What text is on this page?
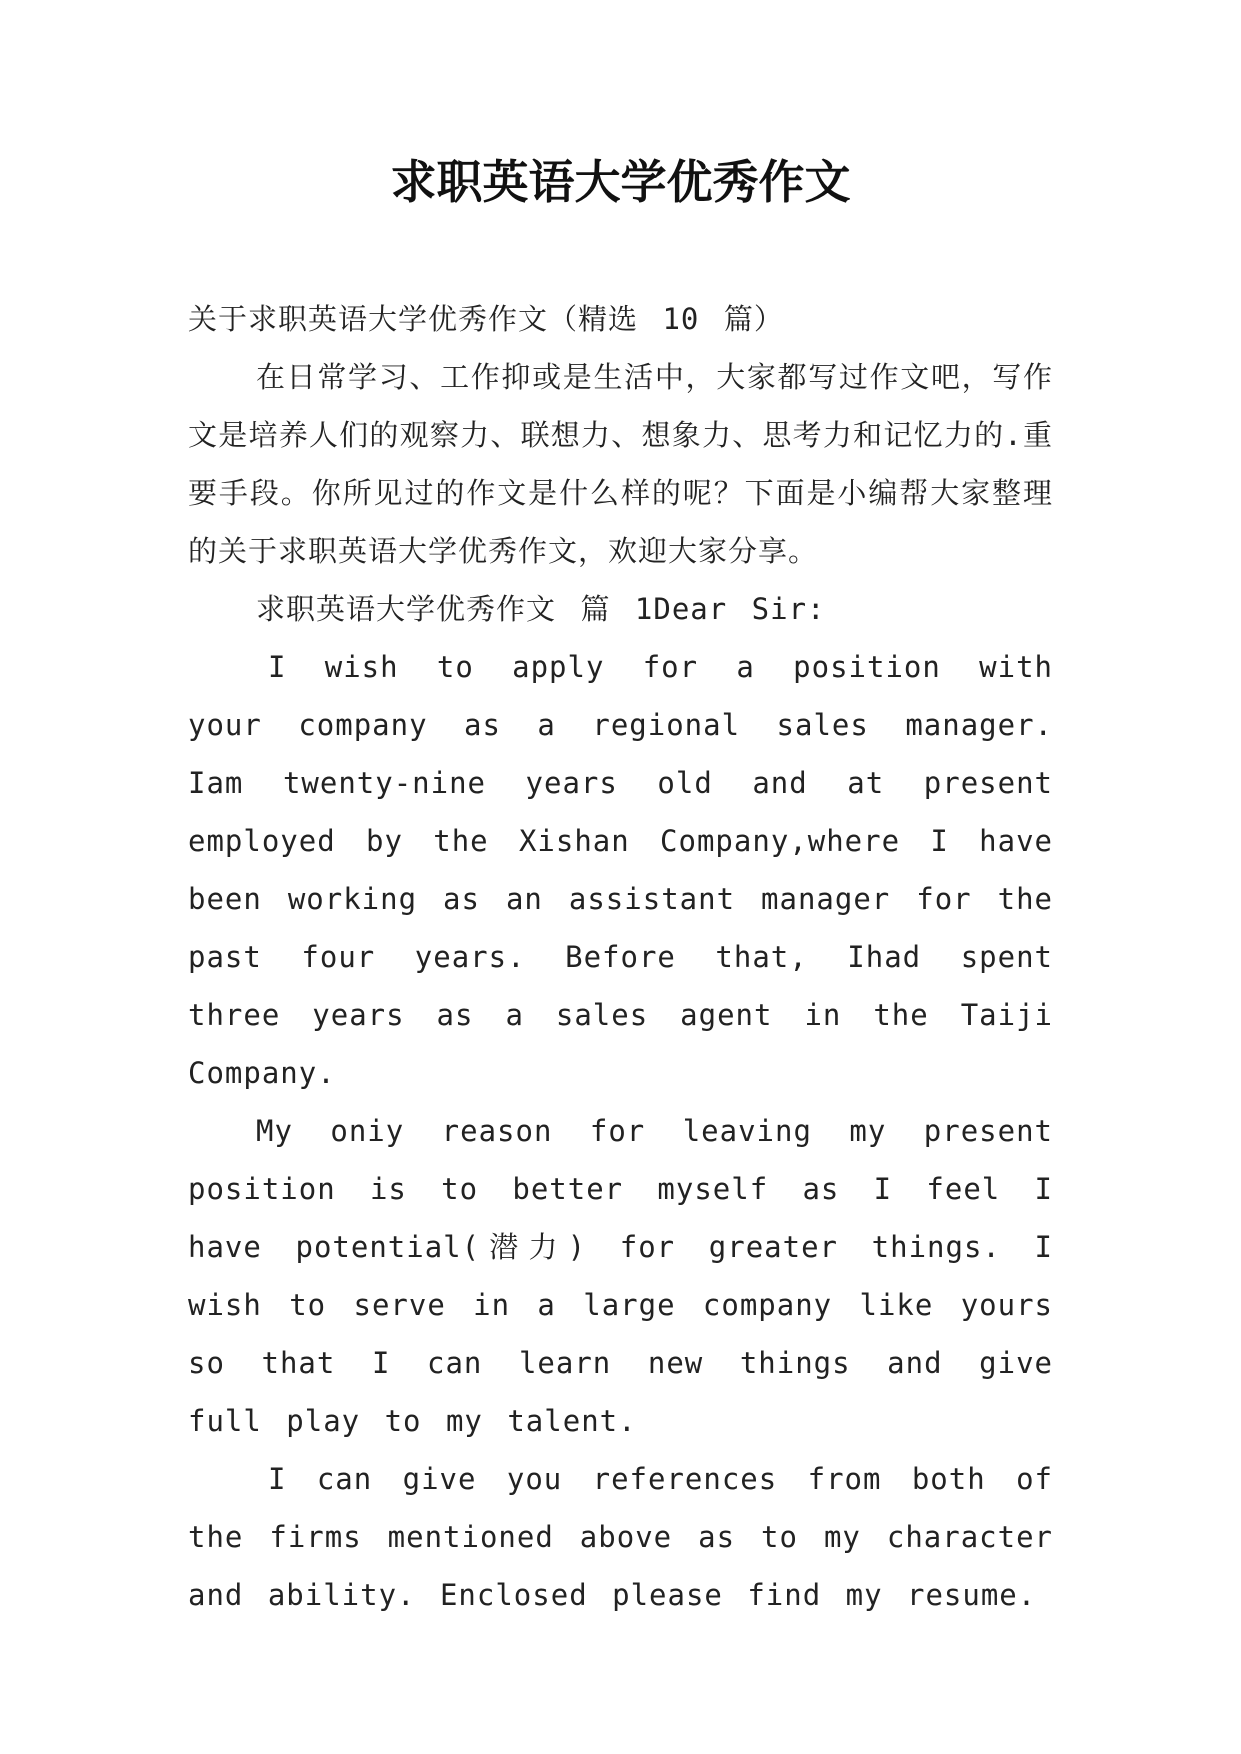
求职英语大学优秀作文

关于求职英语大学优秀作文（精选 10 篇）

在日常学习、工作抑或是生活中，大家都写过作文吧，写作文是培养人们的观察力、联想力、想象力、思考力和记忆力的.重要手段。你所见过的作文是什么样的呢？下面是小编帮大家整理的关于求职英语大学优秀作文，欢迎大家分享。

求职英语大学优秀作文 篇 1Dear Sir:

I wish to apply for a position with your company as a regional sales manager. Iam twenty-nine years old and at present employed by the Xishan Company,where I have been working as an assistant manager for the past four years. Before that, Ihad spent three years as a sales agent in the Taiji Company.

My oniy reason for leaving my present position is to better myself as I feel I have potential(潜力) for greater things. I wish to serve in a large company like yours so that I can learn new things and give full play to my talent.

I can give you references from both of the firms mentioned above as to my character and ability. Enclosed please find my resume.
